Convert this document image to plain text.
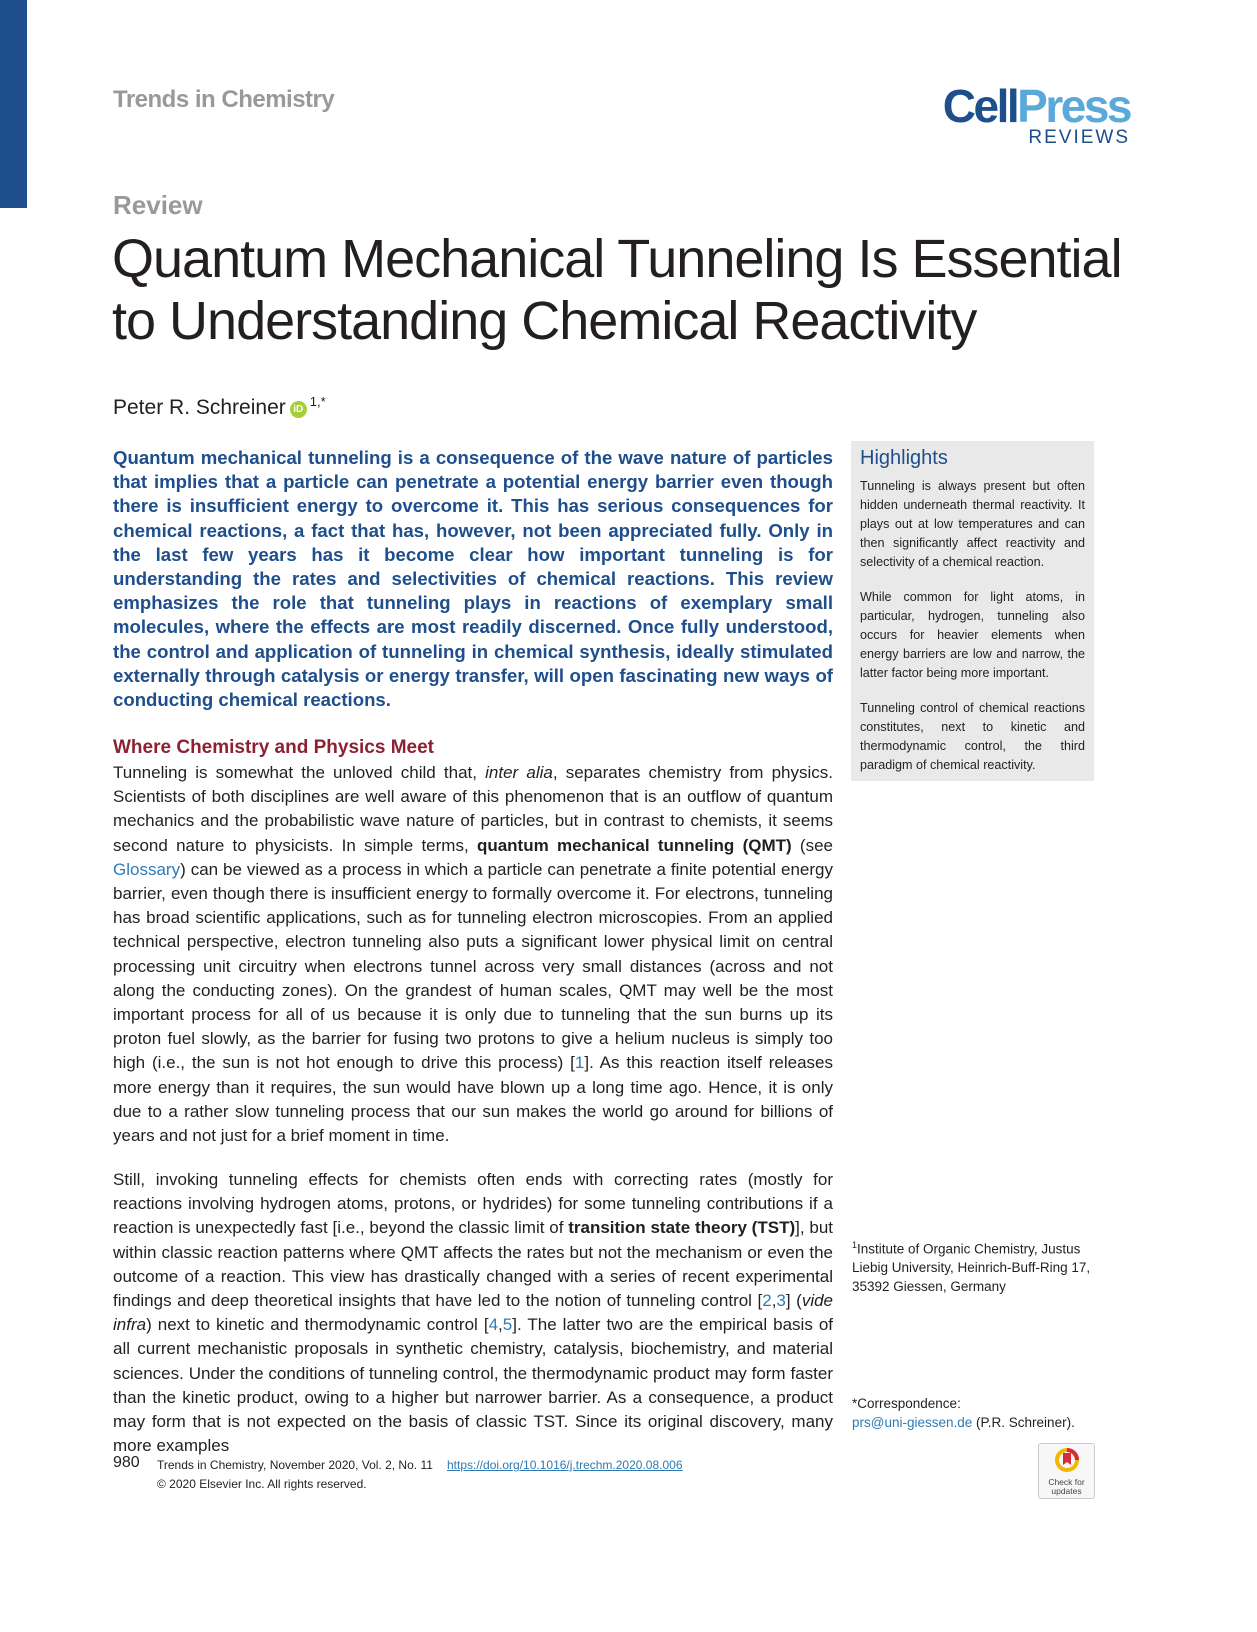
Trends in Chemistry	CellPress
REVIEWS
Review
Quantum Mechanical Tunneling Is Essential to Understanding Chemical Reactivity
Peter R. Schreiner $iD^{1,*}$

Quantum mechanical tunneling is a consequence of the wave nature of particles that implies that a particle can penetrate a potential energy barrier even though there is insufficient energy to overcome it. This has serious consequences for chemical reactions, a fact that has, however, not been appreciated fully. Only in the last few years has it become clear how important tunneling is for understanding the rates and selectivities of chemical reactions. This review emphasizes the role that tunneling plays in reactions of exemplary small molecules, where the effects are most readily discerned. Once fully understood, the control and application of tunneling in chemical synthesis, ideally stimulated externally through catalysis or energy transfer, will open fascinating new ways of conducting chemical reactions.

Where Chemistry and Physics Meet

Tunneling is somewhat the unloved child that, inter alia, separates chemistry from physics. Scientists of both disciplines are well aware of this phenomenon that is an outflow of quantum mechanics and the probabilistic wave nature of particles, but in contrast to chemists, it seems second nature to physicists. In simple terms, quantum mechanical tunneling (QMT) (see Glossary) can be viewed as a process in which a particle can penetrate a finite potential energy barrier, even though there is insufficient energy to formally overcome it. For electrons, tunneling has broad scientific applications, such as for tunneling electron microscopies. From an applied technical perspective, electron tunneling also puts a significant lower physical limit on central processing unit circuitry when electrons tunnel across very small distances (across and not along the conducting zones). On the grandest of human scales, QMT may well be the most important process for all of us because it is only due to tunneling that the sun burns up its proton fuel slowly, as the barrier for fusing two protons to give a helium nucleus is simply too high (i.e., the sun is not hot enough to drive this process) [1]. As this reaction itself releases more energy than it requires, the sun would have blown up a long time ago. Hence, it is only due to a rather slow tunneling process that our sun makes the world go around for billions of years and not just for a brief moment in time.

Still, invoking tunneling effects for chemists often ends with correcting rates (mostly for reactions involving hydrogen atoms, protons, or hydrides) for some tunneling contributions if a reaction is unexpectedly fast [i.e., beyond the classic limit of transition state theory (TST)], but within classic reaction patterns where QMT affects the rates but not the mechanism or even the outcome of a reaction. This view has drastically changed with a series of recent experimental findings and deep theoretical insights that have led to the notion of tunneling control [2,3] (vide infra) next to kinetic and thermodynamic control [4,5]. The latter two are the empirical basis of all current mechanistic proposals in synthetic chemistry, catalysis, biochemistry, and material sciences. Under the conditions of tunneling control, the thermodynamic product may form faster than the kinetic product, owing to a higher but narrower barrier. As a consequence, a product may form that is not expected on the basis of classic TST. Since its original discovery, many more examples

Highlights

Tunneling is always present but often hidden underneath thermal reactivity. It plays out at low temperatures and can then significantly affect reactivity and selectivity of a chemical reaction.

While common for light atoms, in particular, hydrogen, tunneling also occurs for heavier elements when energy barriers are low and narrow, the latter factor being more important.

Tunneling control of chemical reactions constitutes, next to kinetic and thermodynamic control, the third paradigm of chemical reactivity.

$^1$Institute of Organic Chemistry, Justus Liebig University, Heinrich-Buff-Ring 17, 35392 Giessen, Germany
*Correspondence:
prs@uni-giessen.de (P.R. Schreiner).
980 Trends in Chemistry, November 2020, Vol. 2, No. 11 https://doi.org/10.1016/j.trechm.2020.08.006
© 2020 Elsevier Inc. All rights reserved.	Check for
updates
